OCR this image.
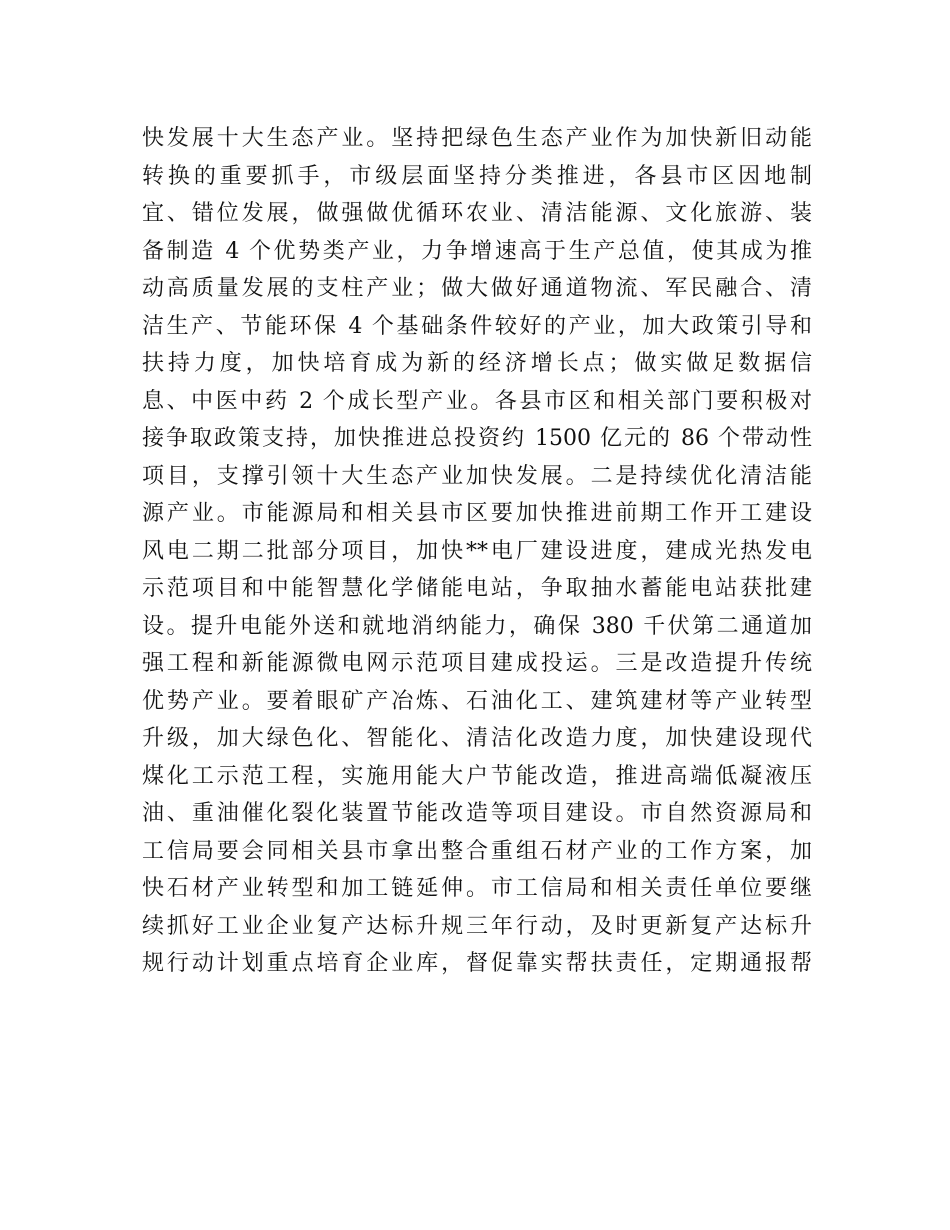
快发展十大生态产业。坚持把绿色生态产业作为加快新旧动能
转换的重要抓手，市级层面坚持分类推进，各县市区因地制
宜、错位发展，做强做优循环农业、清洁能源、文化旅游、装
备制造 4 个优势类产业，力争增速高于生产总值，使其成为推
动高质量发展的支柱产业；做大做好通道物流、军民融合、清
洁生产、节能环保 4 个基础条件较好的产业，加大政策引导和
扶持力度，加快培育成为新的经济增长点；做实做足数据信
息、中医中药 2 个成长型产业。各县市区和相关部门要积极对
接争取政策支持，加快推进总投资约 1500 亿元的 86 个带动性
项目，支撑引领十大生态产业加快发展。二是持续优化清洁能
源产业。市能源局和相关县市区要加快推进前期工作开工建设
风电二期二批部分项目，加快**电厂建设进度，建成光热发电
示范项目和中能智慧化学储能电站，争取抽水蓄能电站获批建
设。提升电能外送和就地消纳能力，确保 380 千伏第二通道加
强工程和新能源微电网示范项目建成投运。三是改造提升传统
优势产业。要着眼矿产冶炼、石油化工、建筑建材等产业转型
升级，加大绿色化、智能化、清洁化改造力度，加快建设现代
煤化工示范工程，实施用能大户节能改造，推进高端低凝液压
油、重油催化裂化装置节能改造等项目建设。市自然资源局和
工信局要会同相关县市拿出整合重组石材产业的工作方案，加
快石材产业转型和加工链延伸。市工信局和相关责任单位要继
续抓好工业企业复产达标升规三年行动，及时更新复产达标升
规行动计划重点培育企业库，督促靠实帮扶责任，定期通报帮
